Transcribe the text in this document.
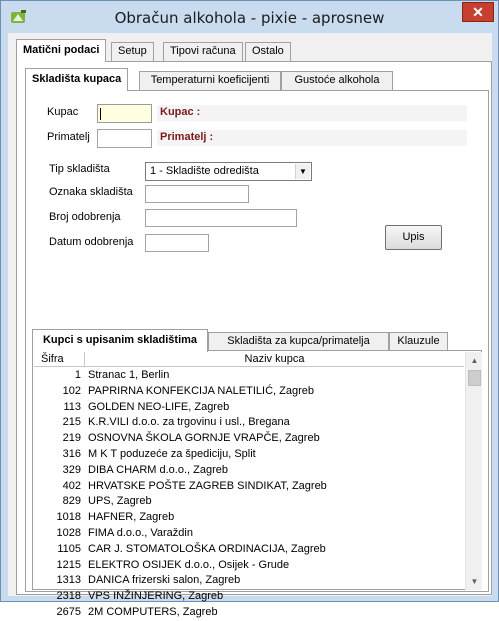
Obračun alkohola - pixie - aprosnew	✕
Matični podaci	Setup	Tipovi računa	Ostalo
Skladišta kupaca	Temperaturni koeficijenti	Gustoće alkohola
Kupac	Kupac :
Primatelj	Primatelj :
Tip skladišta	1 - Skladište odredišta	▼
Oznaka skladišta
Broj odobrenja
Datum odobrenja	Upis
Kupci s upisanim skladištima	Skladišta za kupca/primatelja	Klauzule
Šifra	Naziv kupca
1 Stranac 1, Berlin
102 PAPRIRNA KONFEKCIJA NALETILIĆ, Zagreb
113 GOLDEN NEO-LIFE, Zagreb
215 K.R.VILI d.o.o. za trgovinu i usl., Bregana
219 OSNOVNA ŠKOLA GORNJE VRAPČE, Zagreb
316 M K T poduzeće za špediciju, Split
329 DIBA CHARM d.o.o., Zagreb
402 HRVATSKE POŠTE ZAGREB SINDIKAT, Zagreb
829 UPS, Zagreb
1018 HAFNER, Zagreb
1028 FIMA d.o.o., Varaždin
1105 CAR J. STOMATOLOŠKA ORDINACIJA, Zagreb
1215 ELEKTRO OSIJEK d.o.o., Osijek - Grude
1313 DANICA frizerski salon, Zagreb
2318 VPS INŽINJERING, Zagreb
2675 2M COMPUTERS, Zagreb
▲
▼
